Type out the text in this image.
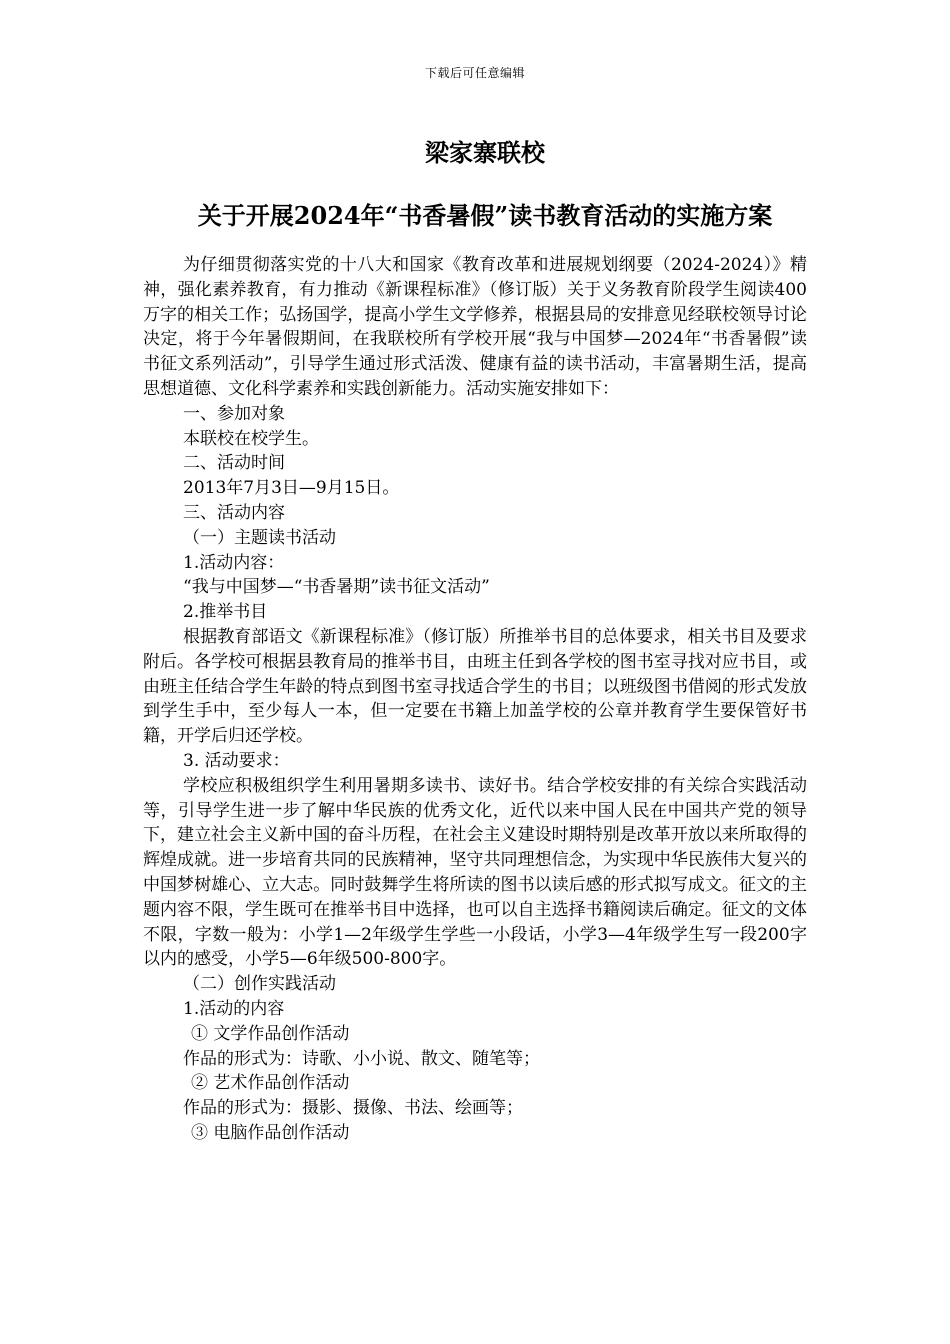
下载后可任意编辑
梁家寨联校
关于开展2024年“书香暑假”读书教育活动的实施方案

为仔细贯彻落实党的十八大和国家《教育改革和进展规划纲要（2024-2024）》精神，强化素养教育，有力推动《新课程标准》（修订版）关于义务教育阶段学生阅读400万字的相关工作；弘扬国学，提高小学生文学修养，根据县局的安排意见经联校领导讨论决定，将于今年暑假期间，在我联校所有学校开展“我与中国梦—2024年“书香暑假”读书征文系列活动”，引导学生通过形式活泼、健康有益的读书活动，丰富暑期生活，提高思想道德、文化科学素养和实践创新能力。活动实施安排如下：

一、参加对象

本联校在校学生。

二、活动时间

2013年7月3日—9月15日。

三、活动内容

（一）主题读书活动

1.活动内容：

“我与中国梦—“书香暑期”读书征文活动”

2.推举书目

根据教育部语文《新课程标准》（修订版）所推举书目的总体要求，相关书目及要求附后。各学校可根据县教育局的推举书目，由班主任到各学校的图书室寻找对应书目，或由班主任结合学生年龄的特点到图书室寻找适合学生的书目；以班级图书借阅的形式发放到学生手中，至少每人一本，但一定要在书籍上加盖学校的公章并教育学生要保管好书籍，开学后归还学校。

3. 活动要求：

学校应积极组织学生利用暑期多读书、读好书。结合学校安排的有关综合实践活动等，引导学生进一步了解中华民族的优秀文化，近代以来中国人民在中国共产党的领导下，建立社会主义新中国的奋斗历程，在社会主义建设时期特别是改革开放以来所取得的辉煌成就。进一步培育共同的民族精神，坚守共同理想信念，为实现中华民族伟大复兴的中国梦树雄心、立大志。同时鼓舞学生将所读的图书以读后感的形式拟写成文。征文的主题内容不限，学生既可在推举书目中选择，也可以自主选择书籍阅读后确定。征文的文体不限，字数一般为：小学1—2年级学生学些一小段话，小学3—4年级学生写一段200字以内的感受，小学5—6年级500-800字。

（二）创作实践活动

1.活动的内容

① 文学作品创作活动

作品的形式为：诗歌、小小说、散文、随笔等；

② 艺术作品创作活动

作品的形式为：摄影、摄像、书法、绘画等；

③ 电脑作品创作活动
